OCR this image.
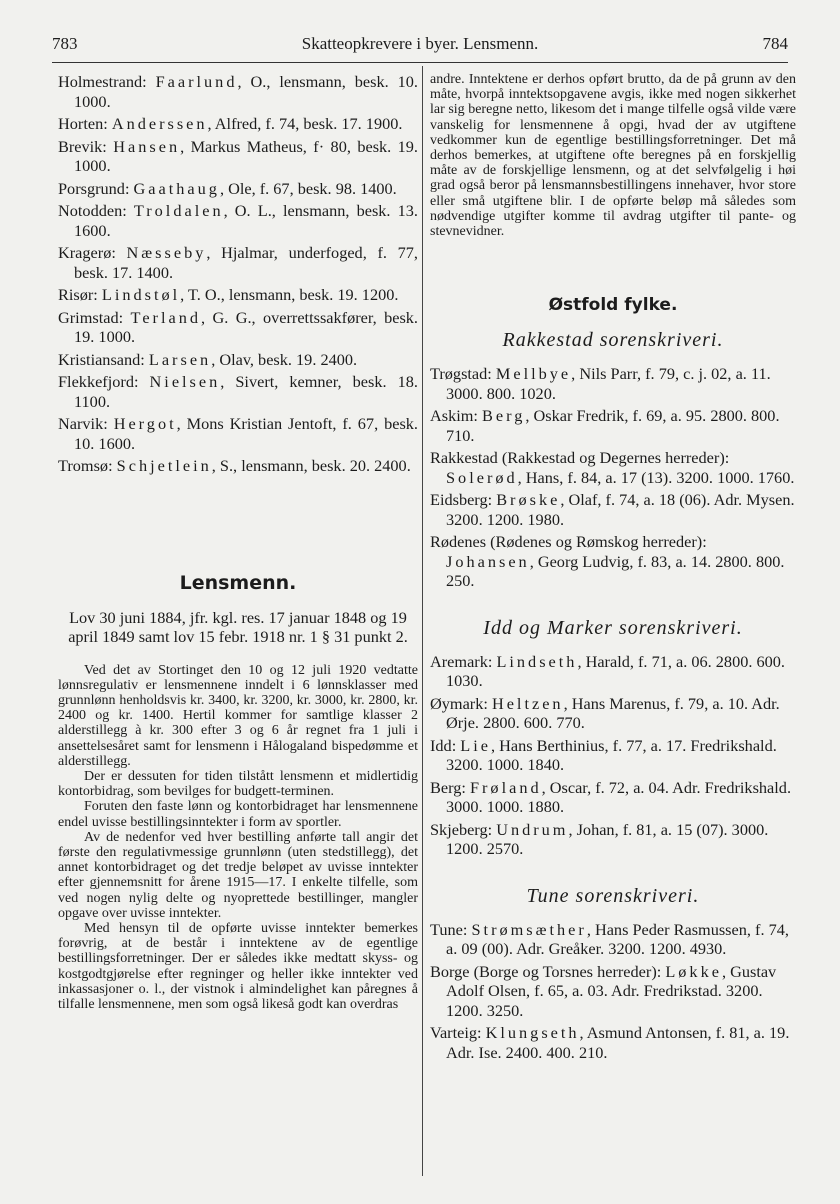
783	Skatteopkrevere i byer. Lensmenn.	784
Holmestrand: Faarlund, O., lensmann, besk. 10. 1000.
Horten: Anderssen, Alfred, f. 74, besk. 17. 1900.
Brevik: Hansen, Markus Matheus, f· 80, besk. 19. 1000.
Porsgrund: Gaathaug, Ole, f. 67, besk. 98. 1400.
Notodden: Troldalen, O. L., lensmann, besk. 13. 1600.
Kragerø: Næsseby, Hjalmar, underfoged, f. 77, besk. 17. 1400.
Risør: Lindstøl, T. O., lensmann, besk. 19. 1200.
Grimstad: Terland, G. G., overrettssakfører, besk. 19. 1000.
Kristiansand: Larsen, Olav, besk. 19. 2400.
Flekkefjord: Nielsen, Sivert, kemner, besk. 18. 1100.
Narvik: Hergot, Mons Kristian Jentoft, f. 67, besk. 10. 1600.
Tromsø: Schjetlein, S., lensmann, besk. 20. 2400.
Lensmenn.
Lov 30 juni 1884, jfr. kgl. res. 17 januar 1848 og 19 april 1849 samt lov 15 febr. 1918 nr. 1 § 31 punkt 2.

Ved det av Stortinget den 10 og 12 juli 1920 vedtatte lønnsregulativ er lensmennene inndelt i 6 lønnsklasser med grunnlønn henholdsvis kr. 3400, kr. 3200, kr. 3000, kr. 2800, kr. 2400 og kr. 1400. Hertil kommer for samtlige klasser 2 alderstillegg à kr. 300 efter 3 og 6 år regnet fra 1 juli i ansettelsesåret samt for lensmenn i Hålogaland bispedømme et alderstillegg.

Der er dessuten for tiden tilstått lensmenn et midlertidig kontorbidrag, som bevilges for budgett-terminen.

Foruten den faste lønn og kontorbidraget har lensmennene endel uvisse bestillingsinntekter i form av sportler.

Av de nedenfor ved hver bestilling anførte tall angir det første den regulativmessige grunnlønn (uten stedstillegg), det annet kontorbidraget og det tredje beløpet av uvisse inntekter efter gjennemsnitt for årene 1915—17. I enkelte tilfelle, som ved nogen nylig delte og nyoprettede bestillinger, mangler opgave over uvisse inntekter.

Med hensyn til de opførte uvisse inntekter bemerkes forøvrig, at de består i inntektene av de egentlige bestillingsforretninger. Der er således ikke medtatt skyss- og kostgodtgjørelse efter regninger og heller ikke inntekter ved inkassasjoner o. l., der vistnok i almindelighet kan påregnes å tilfalle lensmennene, men som også likeså godt kan overdras

andre. Inntektene er derhos opført brutto, da de på grunn av den måte, hvorpå inntektsopgavene avgis, ikke med nogen sikkerhet lar sig beregne netto, likesom det i mange tilfelle også vilde være vanskelig for lensmennene å opgi, hvad der av utgiftene vedkommer kun de egentlige bestillingsforretninger. Det må derhos bemerkes, at utgiftene ofte beregnes på en forskjellig måte av de forskjellige lensmenn, og at det selvfølgelig i høi grad også beror på lensmannsbestillingens innehaver, hvor store eller små utgiftene blir. I de opførte beløp må således som nødvendige utgifter komme til avdrag utgifter til pante- og stevnevidner.
Østfold fylke.
Rakkestad sorenskriveri.
Trøgstad: Mellbye, Nils Parr, f. 79, c. j. 02, a. 11. 3000. 800. 1020.
Askim: Berg, Oskar Fredrik, f. 69, a. 95. 2800. 800. 710.
Rakkestad (Rakkestad og Degernes herreder): Solerød, Hans, f. 84, a. 17 (13). 3200. 1000. 1760.
Eidsberg: Brøske, Olaf, f. 74, a. 18 (06). Adr. Mysen. 3200. 1200. 1980.
Rødenes (Rødenes og Rømskog herreder): Johansen, Georg Ludvig, f. 83, a. 14. 2800. 800. 250.
Idd og Marker sorenskriveri.
Aremark: Lindseth, Harald, f. 71, a. 06. 2800. 600. 1030.
Øymark: Heltzen, Hans Marenus, f. 79, a. 10. Adr. Ørje. 2800. 600. 770.
Idd: Lie, Hans Berthinius, f. 77, a. 17. Fredrikshald. 3200. 1000. 1840.
Berg: Frøland, Oscar, f. 72, a. 04. Adr. Fredrikshald. 3000. 1000. 1880.
Skjeberg: Undrum, Johan, f. 81, a. 15 (07). 3000. 1200. 2570.
Tune sorenskriveri.
Tune: Strømsæther, Hans Peder Rasmussen, f. 74, a. 09 (00). Adr. Greåker. 3200. 1200. 4930.
Borge (Borge og Torsnes herreder): Løkke, Gustav Adolf Olsen, f. 65, a. 03. Adr. Fredrikstad. 3200. 1200. 3250.
Varteig: Klungseth, Asmund Antonsen, f. 81, a. 19. Adr. Ise. 2400. 400. 210.
